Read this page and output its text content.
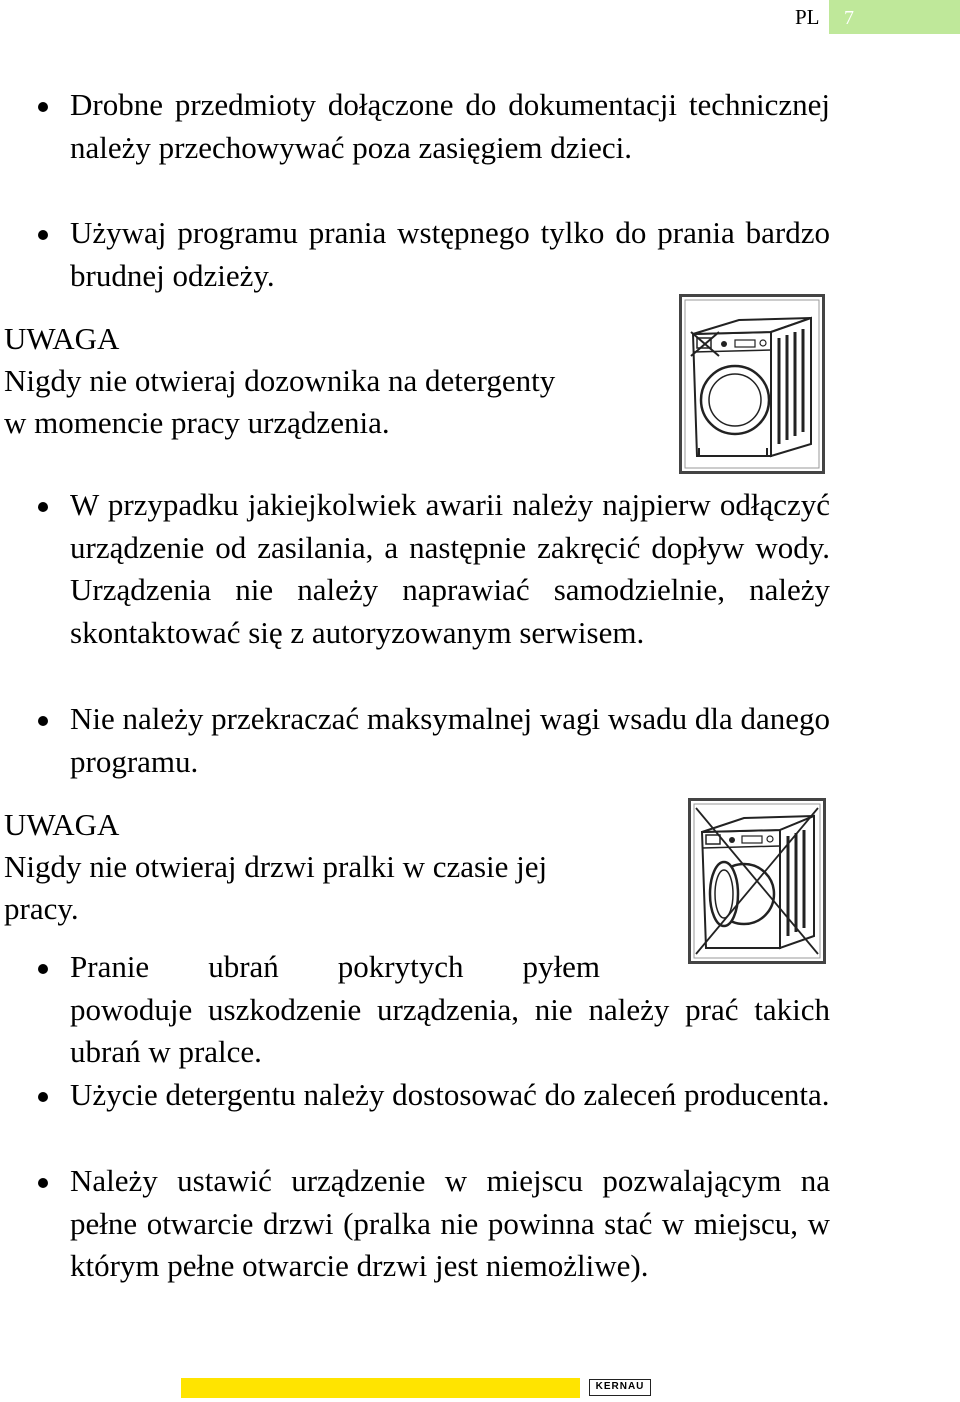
PL	7
Drobne przedmioty dołączone do dokumentacji technicznej należy przechowywać poza zasięgiem dzieci.
Używaj programu prania wstępnego tylko do prania bardzo brudnej odzieży.
UWAGA
Nigdy nie otwieraj dozownika na detergenty
w momencie pracy urządzenia.
W przypadku jakiejkolwiek awarii należy najpierw odłączyć urządzenie od zasilania, a następnie zakręcić dopływ wody. Urządzenia nie należy naprawiać samodzielnie, należy skontaktować się z autoryzowanym serwisem.
Nie należy przekraczać maksymalnej wagi wsadu dla danego programu.
UWAGA
Nigdy nie otwieraj drzwi pralki w czasie jej
pracy.
Pranie ubrań pokrytych pyłem
powoduje uszkodzenie urządzenia, nie należy prać takich ubrań w pralce.
Użycie detergentu należy dostosować do zaleceń producenta.
Należy ustawić urządzenie w miejscu pozwalającym na pełne otwarcie drzwi (pralka nie powinna stać w miejscu, w którym pełne otwarcie drzwi jest niemożliwe).
KERNAU
